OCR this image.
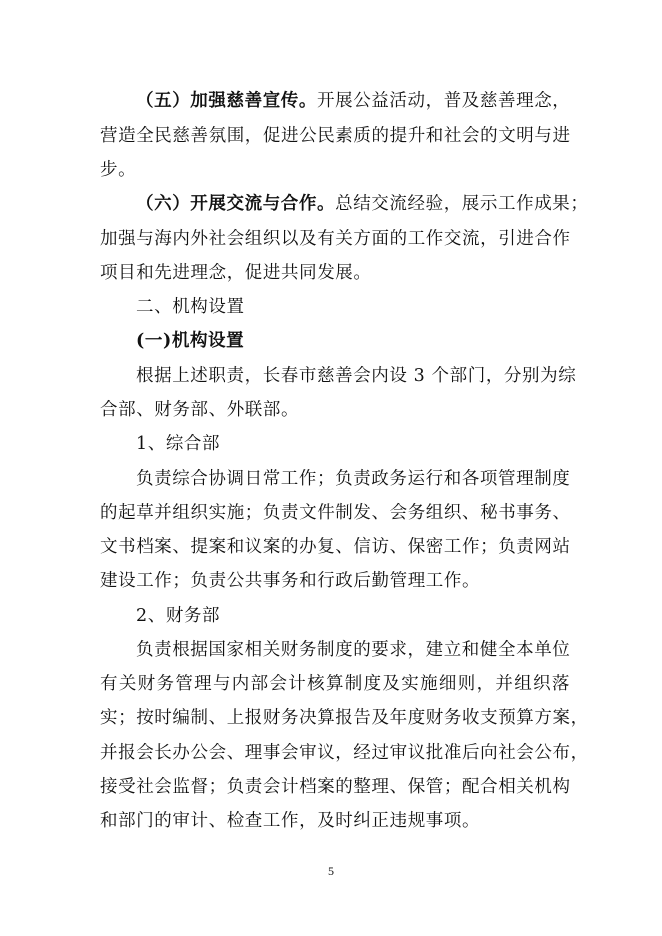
（五）加强慈善宣传。开展公益活动，普及慈善理念，
营造全民慈善氛围，促进公民素质的提升和社会的文明与进
步。
（六）开展交流与合作。总结交流经验，展示工作成果；
加强与海内外社会组织以及有关方面的工作交流，引进合作
项目和先进理念，促进共同发展。
二、机构设置
(一)机构设置
根据上述职责，长春市慈善会内设 3 个部门，分别为综
合部、财务部、外联部。
1、综合部
负责综合协调日常工作；负责政务运行和各项管理制度
的起草并组织实施；负责文件制发、会务组织、秘书事务、
文书档案、提案和议案的办复、信访、保密工作；负责网站
建设工作；负责公共事务和行政后勤管理工作。
2、财务部
负责根据国家相关财务制度的要求，建立和健全本单位
有关财务管理与内部会计核算制度及实施细则，并组织落
实；按时编制、上报财务决算报告及年度财务收支预算方案，
并报会长办公会、理事会审议，经过审议批准后向社会公布，
接受社会监督；负责会计档案的整理、保管；配合相关机构
和部门的审计、检查工作，及时纠正违规事项。
5
